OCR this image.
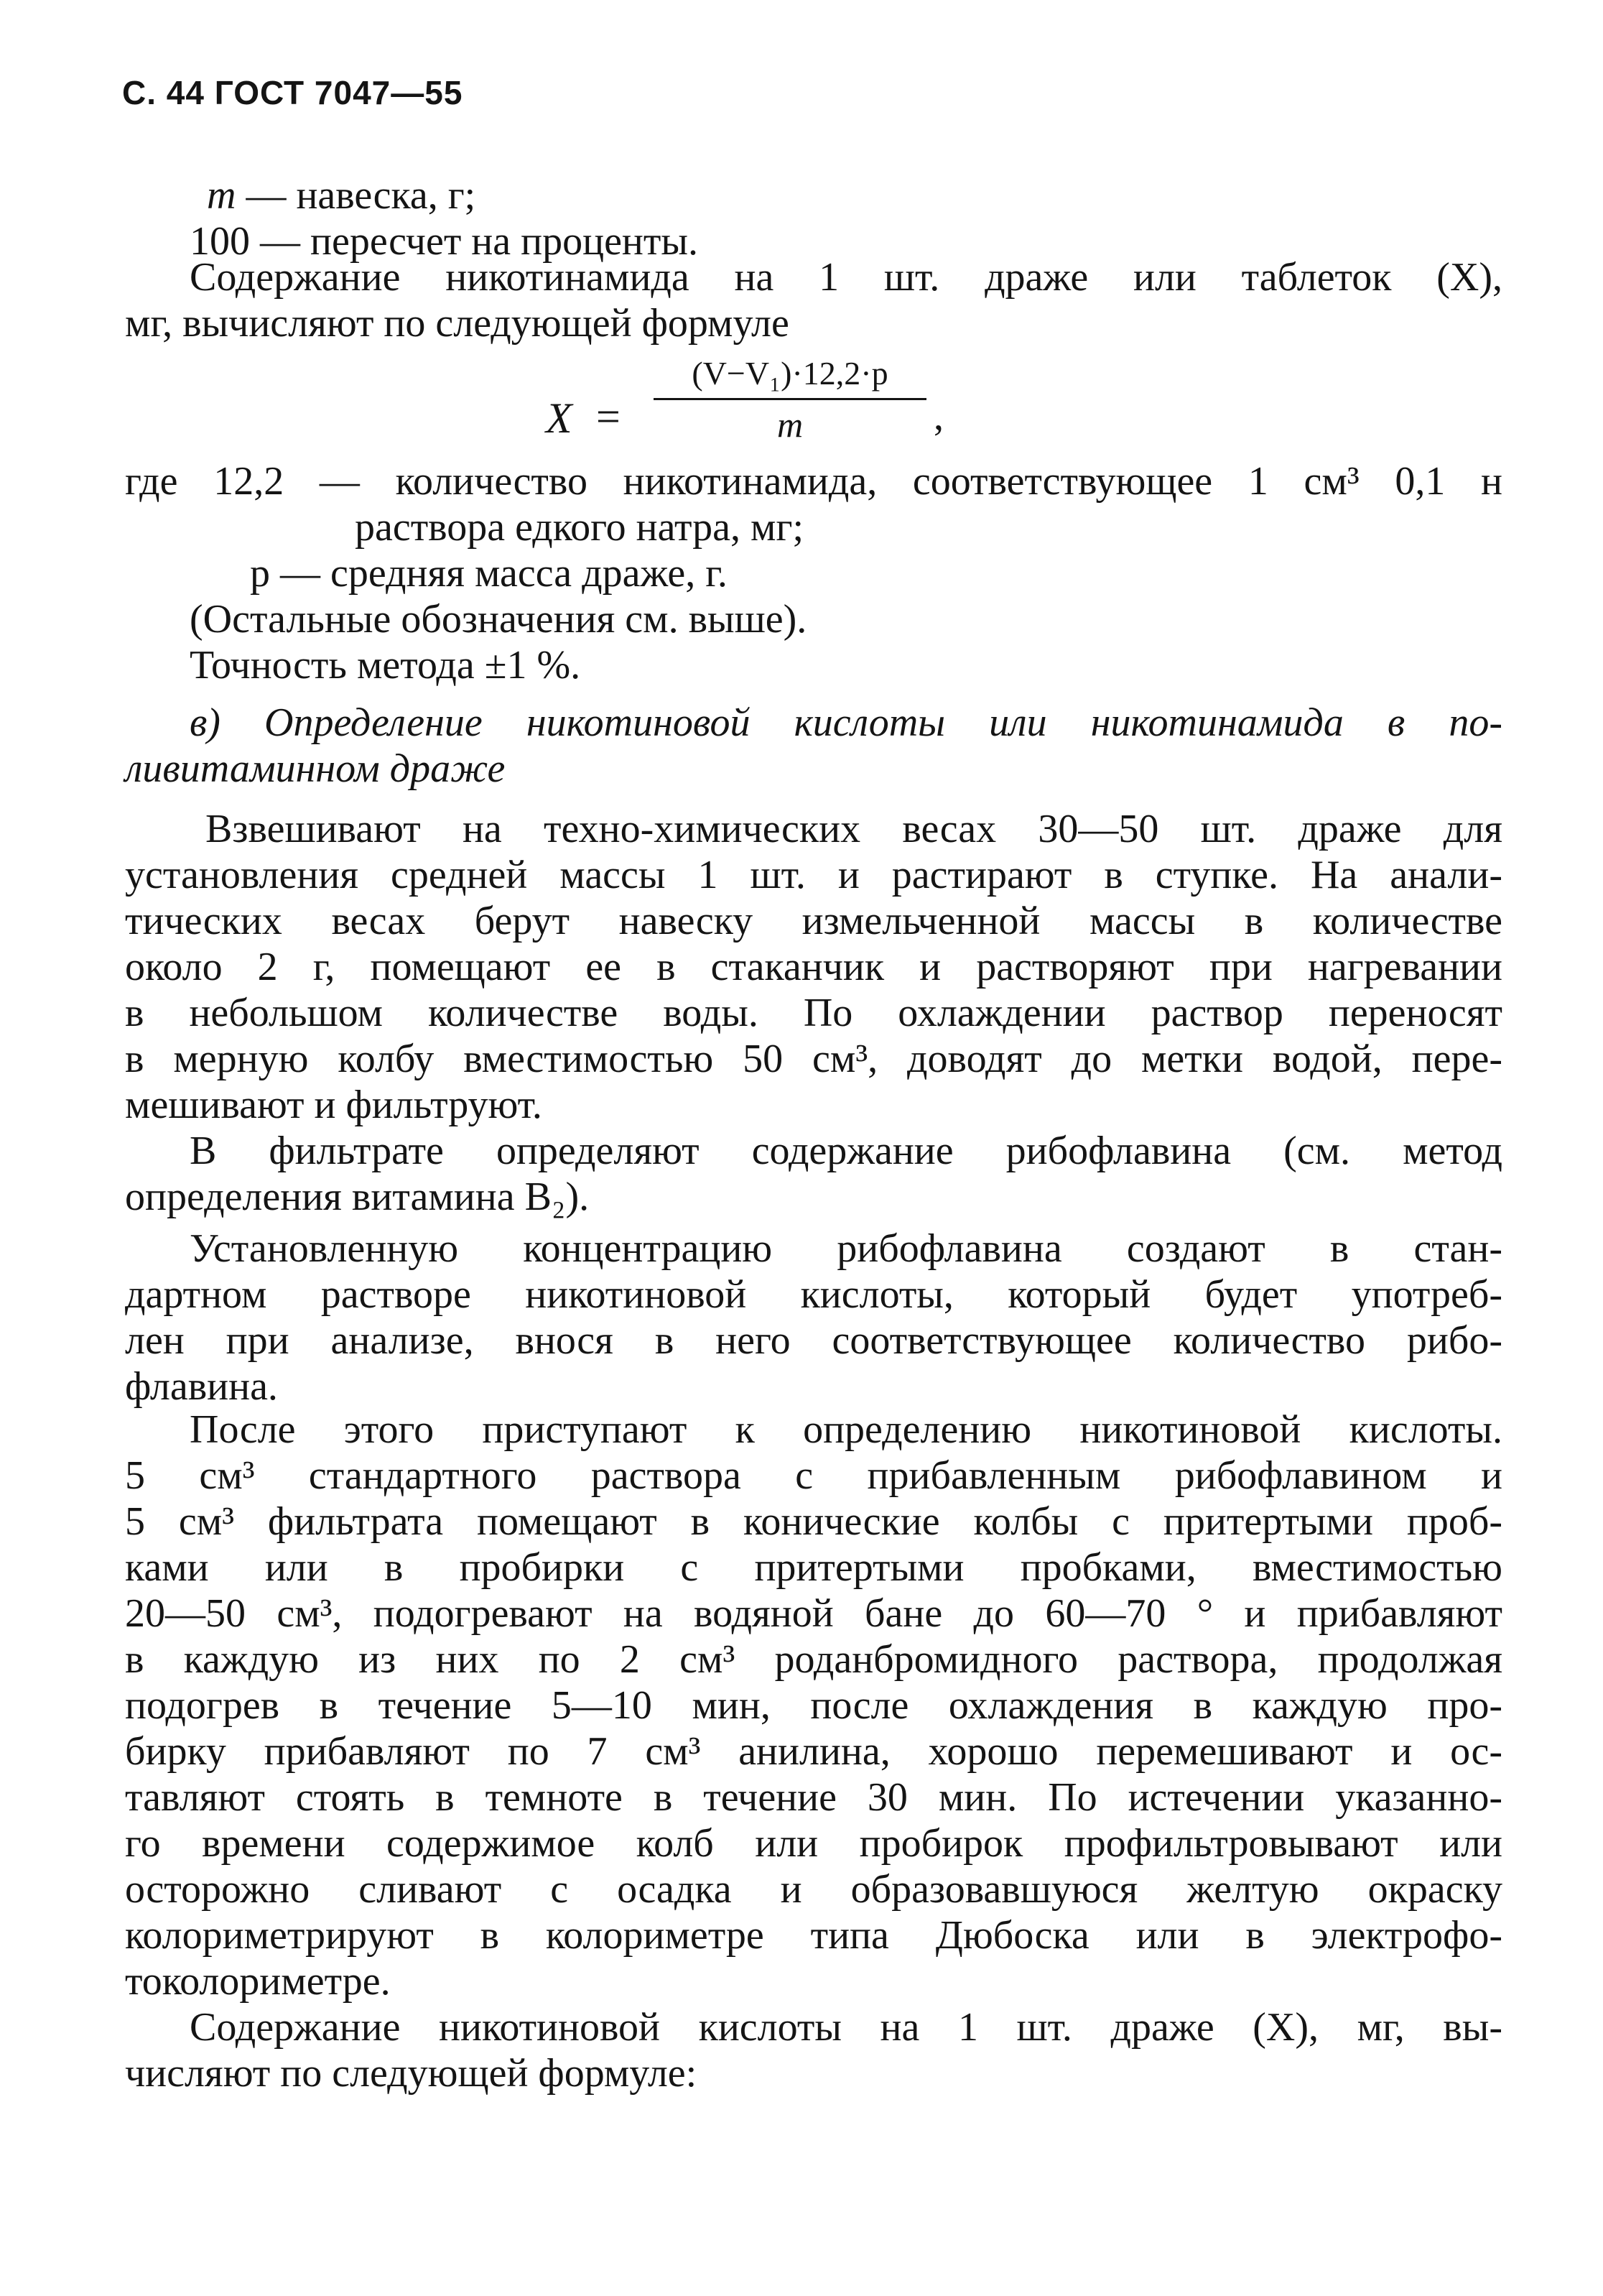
С. 44 ГОСТ 7047—55
m — навеска, г;
100 — пересчет на проценты.
Содержание никотинамида на 1 шт. драже или таблеток (X),
мг, вычисляют по следующей формуле
X =
(V−V₁)·12,2·p
m	,
где 12,2 — количество никотинамида, соответствующее 1 см³ 0,1 н
раствора едкого натра, мг;
p — средняя масса драже, г.
(Остальные обозначения см. выше).
Точность метода ±1 %.
в) Определение никотиновой кислоты или никотинамида в по-
ливитаминном драже
Взвешивают на техно-химических весах 30—50 шт. драже для
установления средней массы 1 шт. и растирают в ступке. На анали-
тических весах берут навеску измельченной массы в количестве
около 2 г, помещают ее в стаканчик и растворяют при нагревании
в небольшом количестве воды. По охлаждении раствор переносят
в мерную колбу вместимостью 50 см³, доводят до метки водой, пере-
мешивают и фильтруют.
В фильтрате определяют содержание рибофлавина (см. метод
определения витамина B₂).
Установленную концентрацию рибофлавина создают в стан-
дартном растворе никотиновой кислоты, который будет употреб-
лен при анализе, внося в него соответствующее количество рибо-
флавина.
После этого приступают к определению никотиновой кислоты.
5 см³ стандартного раствора с прибавленным рибофлавином и
5 см³ фильтрата помещают в конические колбы с притертыми проб-
ками или в пробирки с притертыми пробками, вместимостью
20—50 см³, подогревают на водяной бане до 60—70 ° и прибавляют
в каждую из них по 2 см³ роданбромидного раствора, продолжая
подогрев в течение 5—10 мин, после охлаждения в каждую про-
бирку прибавляют по 7 см³ анилина, хорошо перемешивают и ос-
тавляют стоять в темноте в течение 30 мин. По истечении указанно-
го времени содержимое колб или пробирок профильтровывают или
осторожно сливают с осадка и образовавшуюся желтую окраску
колориметрируют в колориметре типа Дюбоска или в электрофо-
токолориметре.
Содержание никотиновой кислоты на 1 шт. драже (X), мг, вы-
числяют по следующей формуле:
